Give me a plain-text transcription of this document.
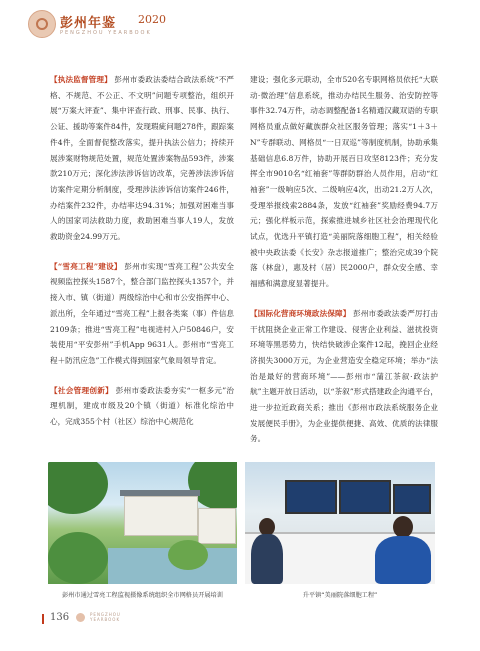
彭州年鉴 2020
PENGZHOU YEARBOOK

【 执法监督管理 】 彭州市委政法委结合政法系统“不严格、不规范、不公正、不文明”问题专项整治，组织开展“万案大评查”、集中评查行政、刑事、民事、执行、公证、援助等案件84件，发现瑕疵问题278件，跟踪案件4件，全面督促整改落实，提升执法公信力；持续开展涉案财物规范处置，规范处置涉案物品593件，涉案款210万元；深化涉法涉诉信访改革，完善涉法涉诉信访案件定期分析制度，受理涉法涉诉信访案件246件，办结案件232件，办结率达94.31%；加强对困难当事人的国家司法救助力度，救助困难当事人19人，发放救助资金24.99万元。

【 “雪亮工程”建设 】 彭州市实现“雪亮工程”公共安全视频监控探头1587个，整合部门监控探头1357个，并接入市、镇（街道）两级综治中心和市公安指挥中心、派出所，全年通过“雪亮工程”上报各类案（事）件信息2109条；推进“雪亮工程”电视进村入户50846户，安装使用“平安彭州”手机App 9631人。彭州市“雪亮工程＋防汛应急”工作模式得到国家气象局领导肯定。

【 社会管理创新 】 彭州市委政法委夯实“一枢多元”治理机制，建成市级及20个镇（街道）标准化综治中心，完成355个村（社区）综治中心规范化

建设；强化多元联动，全市520名专职网格员依托“大联动·微治理”信息系统，推动办结民生服务、治安防控等事件32.74万件，动态调整配备1名精通汉藏双语的专职网格员重点做好藏族群众社区服务管理；落实“1＋3＋N”专群联动、网格员“一日双巡”等制度机制，协助承集基础信息6.8万件，协助开展百日攻坚8123件；充分发挥全市9010名“红袖套”等群防群治人员作用，启动“红袖套”一级响应5次、二级响应4次，出动21.2万人次，受理举报线索2884条，发放“红袖套”奖励经费94.7万元；强化样板示范，探索推进城乡社区社会治理现代化试点，优选升平镇打造“美丽院落细胞工程”，相关经验被中央政法委《长安》杂志报道推广；整治完成39个院落（林盘），惠及村（居）民2000户，群众安全感、幸福感和满意度显著提升。

【 国际化营商环境政法保障 】 彭州市委政法委严厉打击干扰阻挠企业正常工作建设、侵害企业利益、滋扰投资环境等黑恶势力，快结快破涉企案件12起，挽回企业经济损失3000万元，为企业营造安全稳定环境；举办“法治是最好的营商环境”——彭州市“蒲江茶叙·政法护航”主题开放日活动，以“茶叙”形式搭建政企沟通平台，进一步拉近政商关系；推出《彭州市政法系统服务企业发展便民手册》，为企业提供便捷、高效、优质的法律服务。

彭州市通过雪亮工程监视摄像系统组织全市网格员开展培训	升平镇“美丽院落细胞工程”
136	PENGZHOU
YEARBOOK
